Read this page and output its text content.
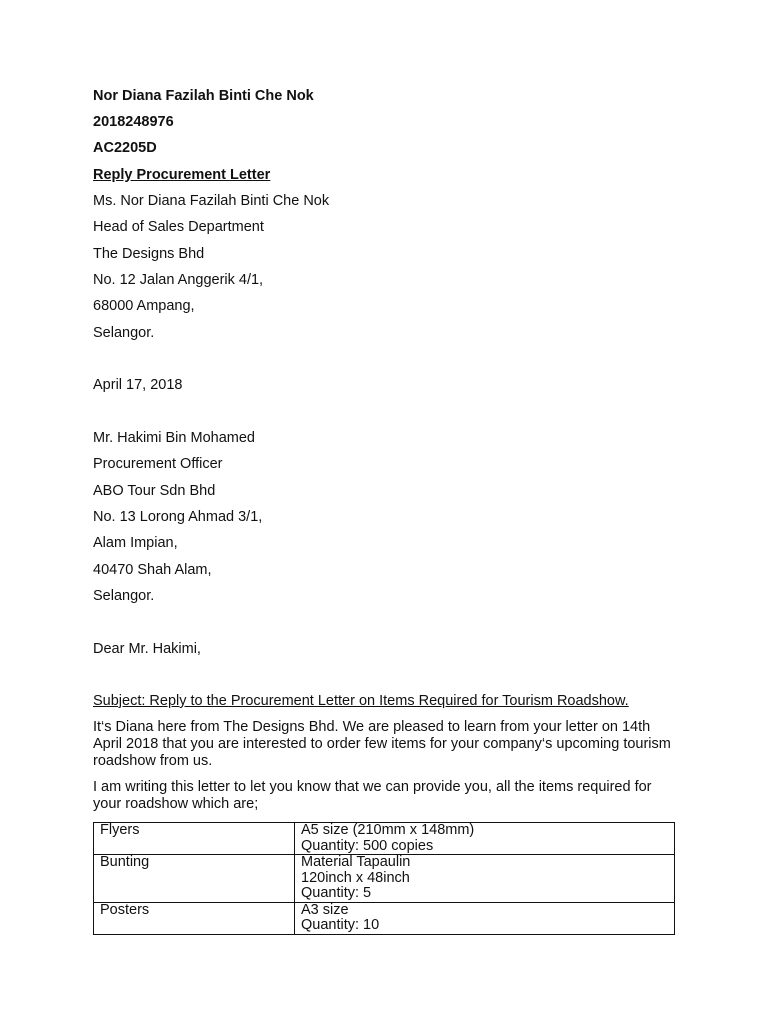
Nor Diana Fazilah Binti Che Nok
2018248976
AC2205D
Reply Procurement Letter
Ms. Nor Diana Fazilah Binti Che Nok
Head of Sales Department
The Designs Bhd
No. 12 Jalan Anggerik 4/1,
68000 Ampang,
Selangor.
April 17, 2018
Mr. Hakimi Bin Mohamed
Procurement Officer
ABO Tour Sdn Bhd
No. 13 Lorong Ahmad 3/1,
Alam Impian,
40470 Shah Alam,
Selangor.
Dear Mr. Hakimi,
Subject: Reply to the Procurement Letter on Items Required for Tourism Roadshow.
It‘s Diana here from The Designs Bhd. We are pleased to learn from your letter on 14th April 2018 that you are interested to order few items for your company‘s upcoming tourism roadshow from us.
I am writing this letter to let you know that we can provide you, all the items required for your roadshow which are;
Flyers	A5 size (210mm x 148mm)
Quantity: 500 copies

Bunting	Material Tapaulin
120inch x 48inch
Quantity: 5

Posters	A3 size
Quantity: 10
